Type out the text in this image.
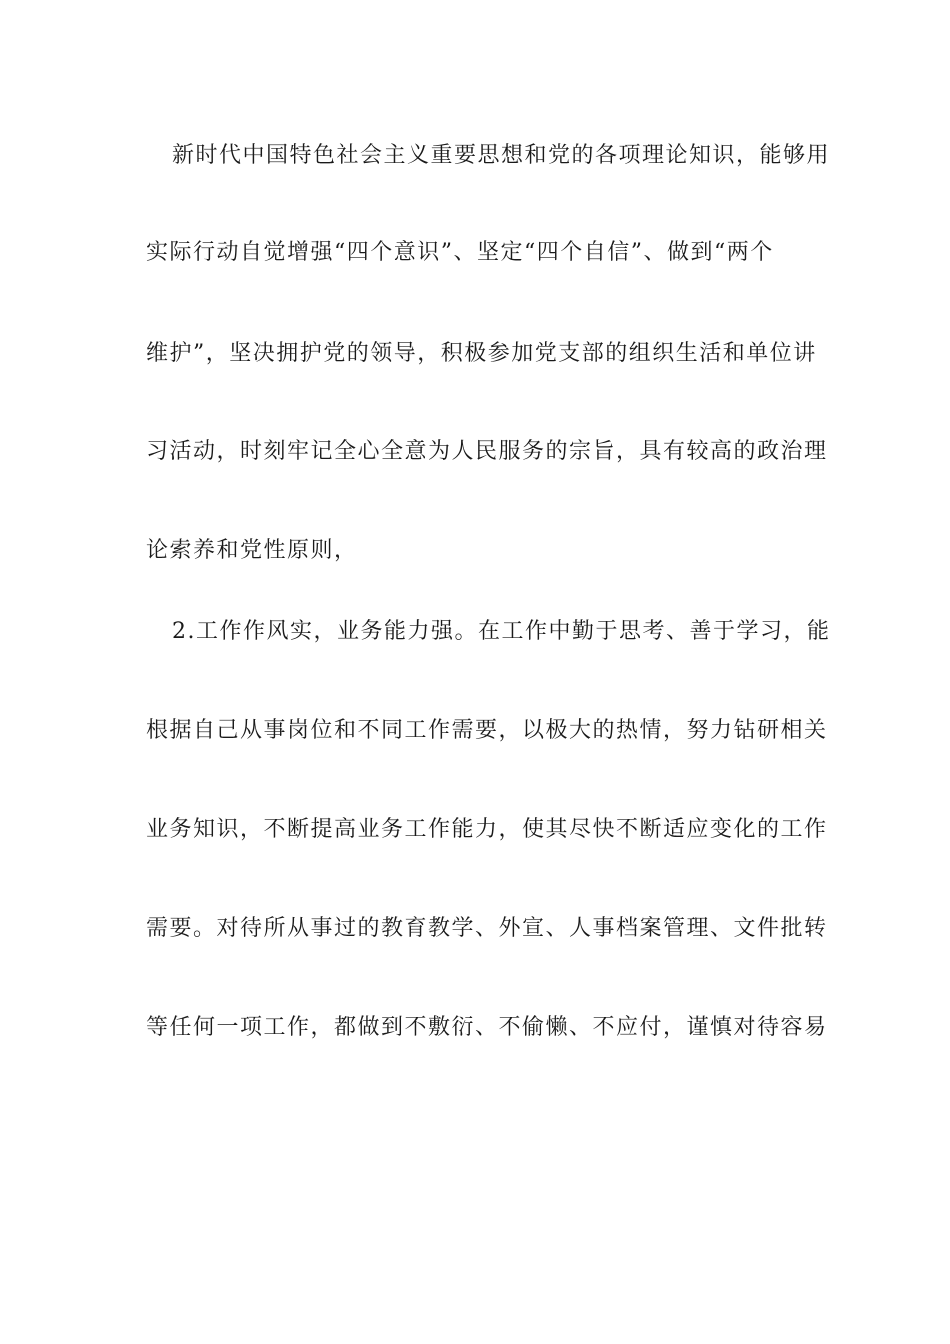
新时代中国特色社会主义重要思想和党的各项理论知识，能够用
实际行动自觉增强“四个意识”、坚定“四个自信”、做到“两个
维护”，坚决拥护党的领导，积极参加党支部的组织生活和单位讲
习活动，时刻牢记全心全意为人民服务的宗旨，具有较高的政治理
论索养和党性原则，
2.工作作风实，业务能力强。在工作中勤于思考、善于学习，能
根据自己从事岗位和不同工作需要，以极大的热情，努力钻研相关
业务知识，不断提高业务工作能力，使其尽快不断适应变化的工作
需要。对待所从事过的教育教学、外宣、人事档案管理、文件批转
等任何一项工作，都做到不敷衍、不偷懒、不应付，谨慎对待容易
